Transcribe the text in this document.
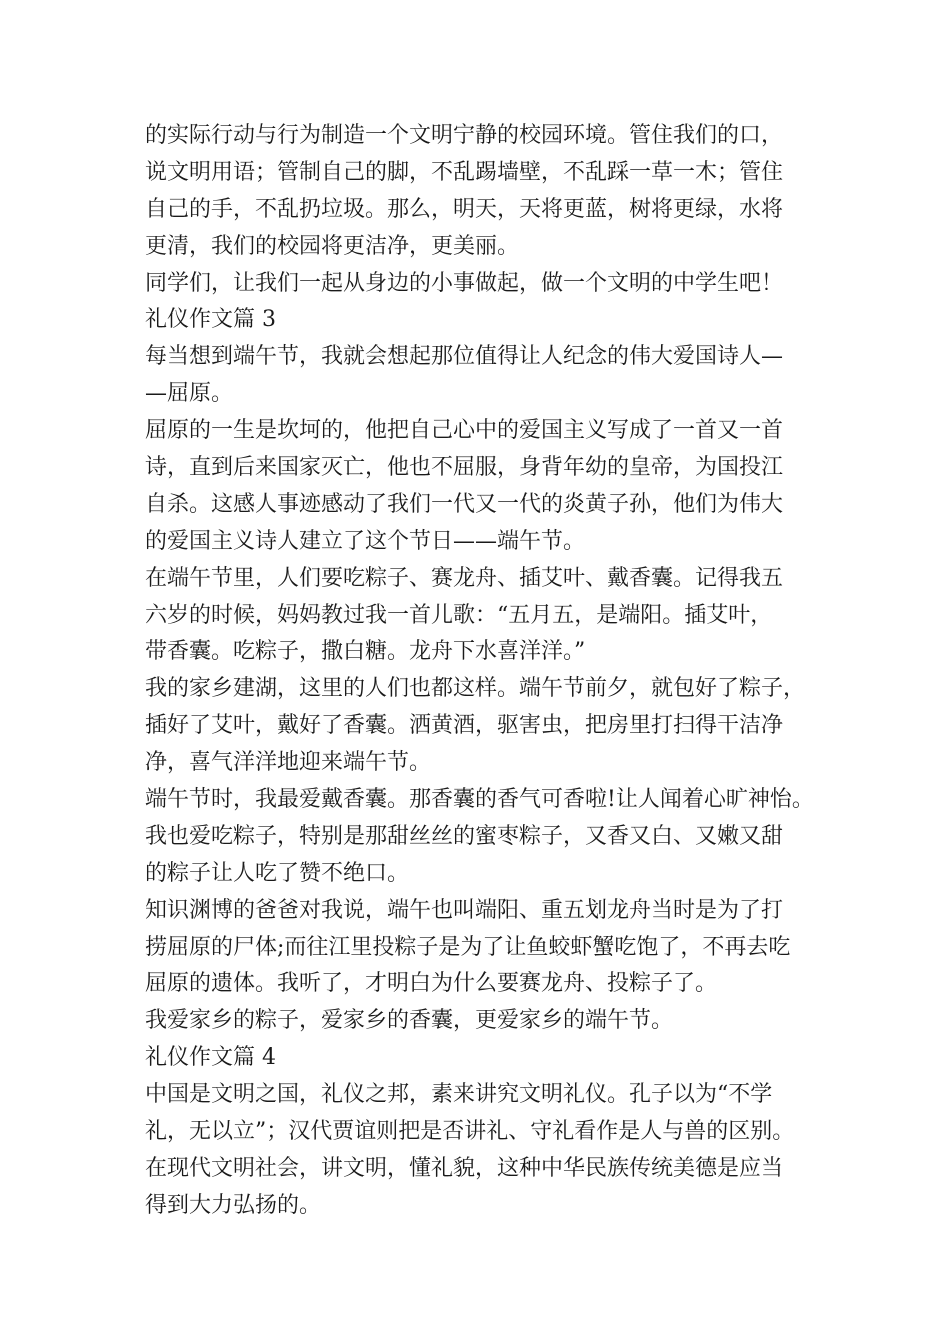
的实际行动与行为制造一个文明宁静的校园环境。管住我们的口，
说文明用语；管制自己的脚，不乱踢墙壁，不乱踩一草一木；管住
自己的手，不乱扔垃圾。那么，明天，天将更蓝，树将更绿，水将
更清，我们的校园将更洁净，更美丽。
同学们，让我们一起从身边的小事做起，做一个文明的中学生吧！
礼仪作文篇 3
每当想到端午节，我就会想起那位值得让人纪念的伟大爱国诗人—
—屈原。
屈原的一生是坎坷的，他把自己心中的爱国主义写成了一首又一首
诗，直到后来国家灭亡，他也不屈服，身背年幼的皇帝，为国投江
自杀。这感人事迹感动了我们一代又一代的炎黄子孙，他们为伟大
的爱国主义诗人建立了这个节日——端午节。
在端午节里，人们要吃粽子、赛龙舟、插艾叶、戴香囊。记得我五
六岁的时候，妈妈教过我一首儿歌：“五月五，是端阳。插艾叶，
带香囊。吃粽子，撒白糖。龙舟下水喜洋洋。”
我的家乡建湖，这里的人们也都这样。端午节前夕，就包好了粽子，
插好了艾叶，戴好了香囊。洒黄酒，驱害虫，把房里打扫得干洁净
净，喜气洋洋地迎来端午节。
端午节时，我最爱戴香囊。那香囊的香气可香啦!让人闻着心旷神怡。
我也爱吃粽子，特别是那甜丝丝的蜜枣粽子，又香又白、又嫩又甜
的粽子让人吃了赞不绝口。
知识渊博的爸爸对我说，端午也叫端阳、重五划龙舟当时是为了打
捞屈原的尸体;而往江里投粽子是为了让鱼蛟虾蟹吃饱了，不再去吃
屈原的遗体。我听了，才明白为什么要赛龙舟、投粽子了。
我爱家乡的粽子，爱家乡的香囊，更爱家乡的端午节。
礼仪作文篇 4
中国是文明之国，礼仪之邦，素来讲究文明礼仪。孔子以为“不学
礼，无以立”；汉代贾谊则把是否讲礼、守礼看作是人与兽的区别。
在现代文明社会，讲文明，懂礼貌，这种中华民族传统美德是应当
得到大力弘扬的。
